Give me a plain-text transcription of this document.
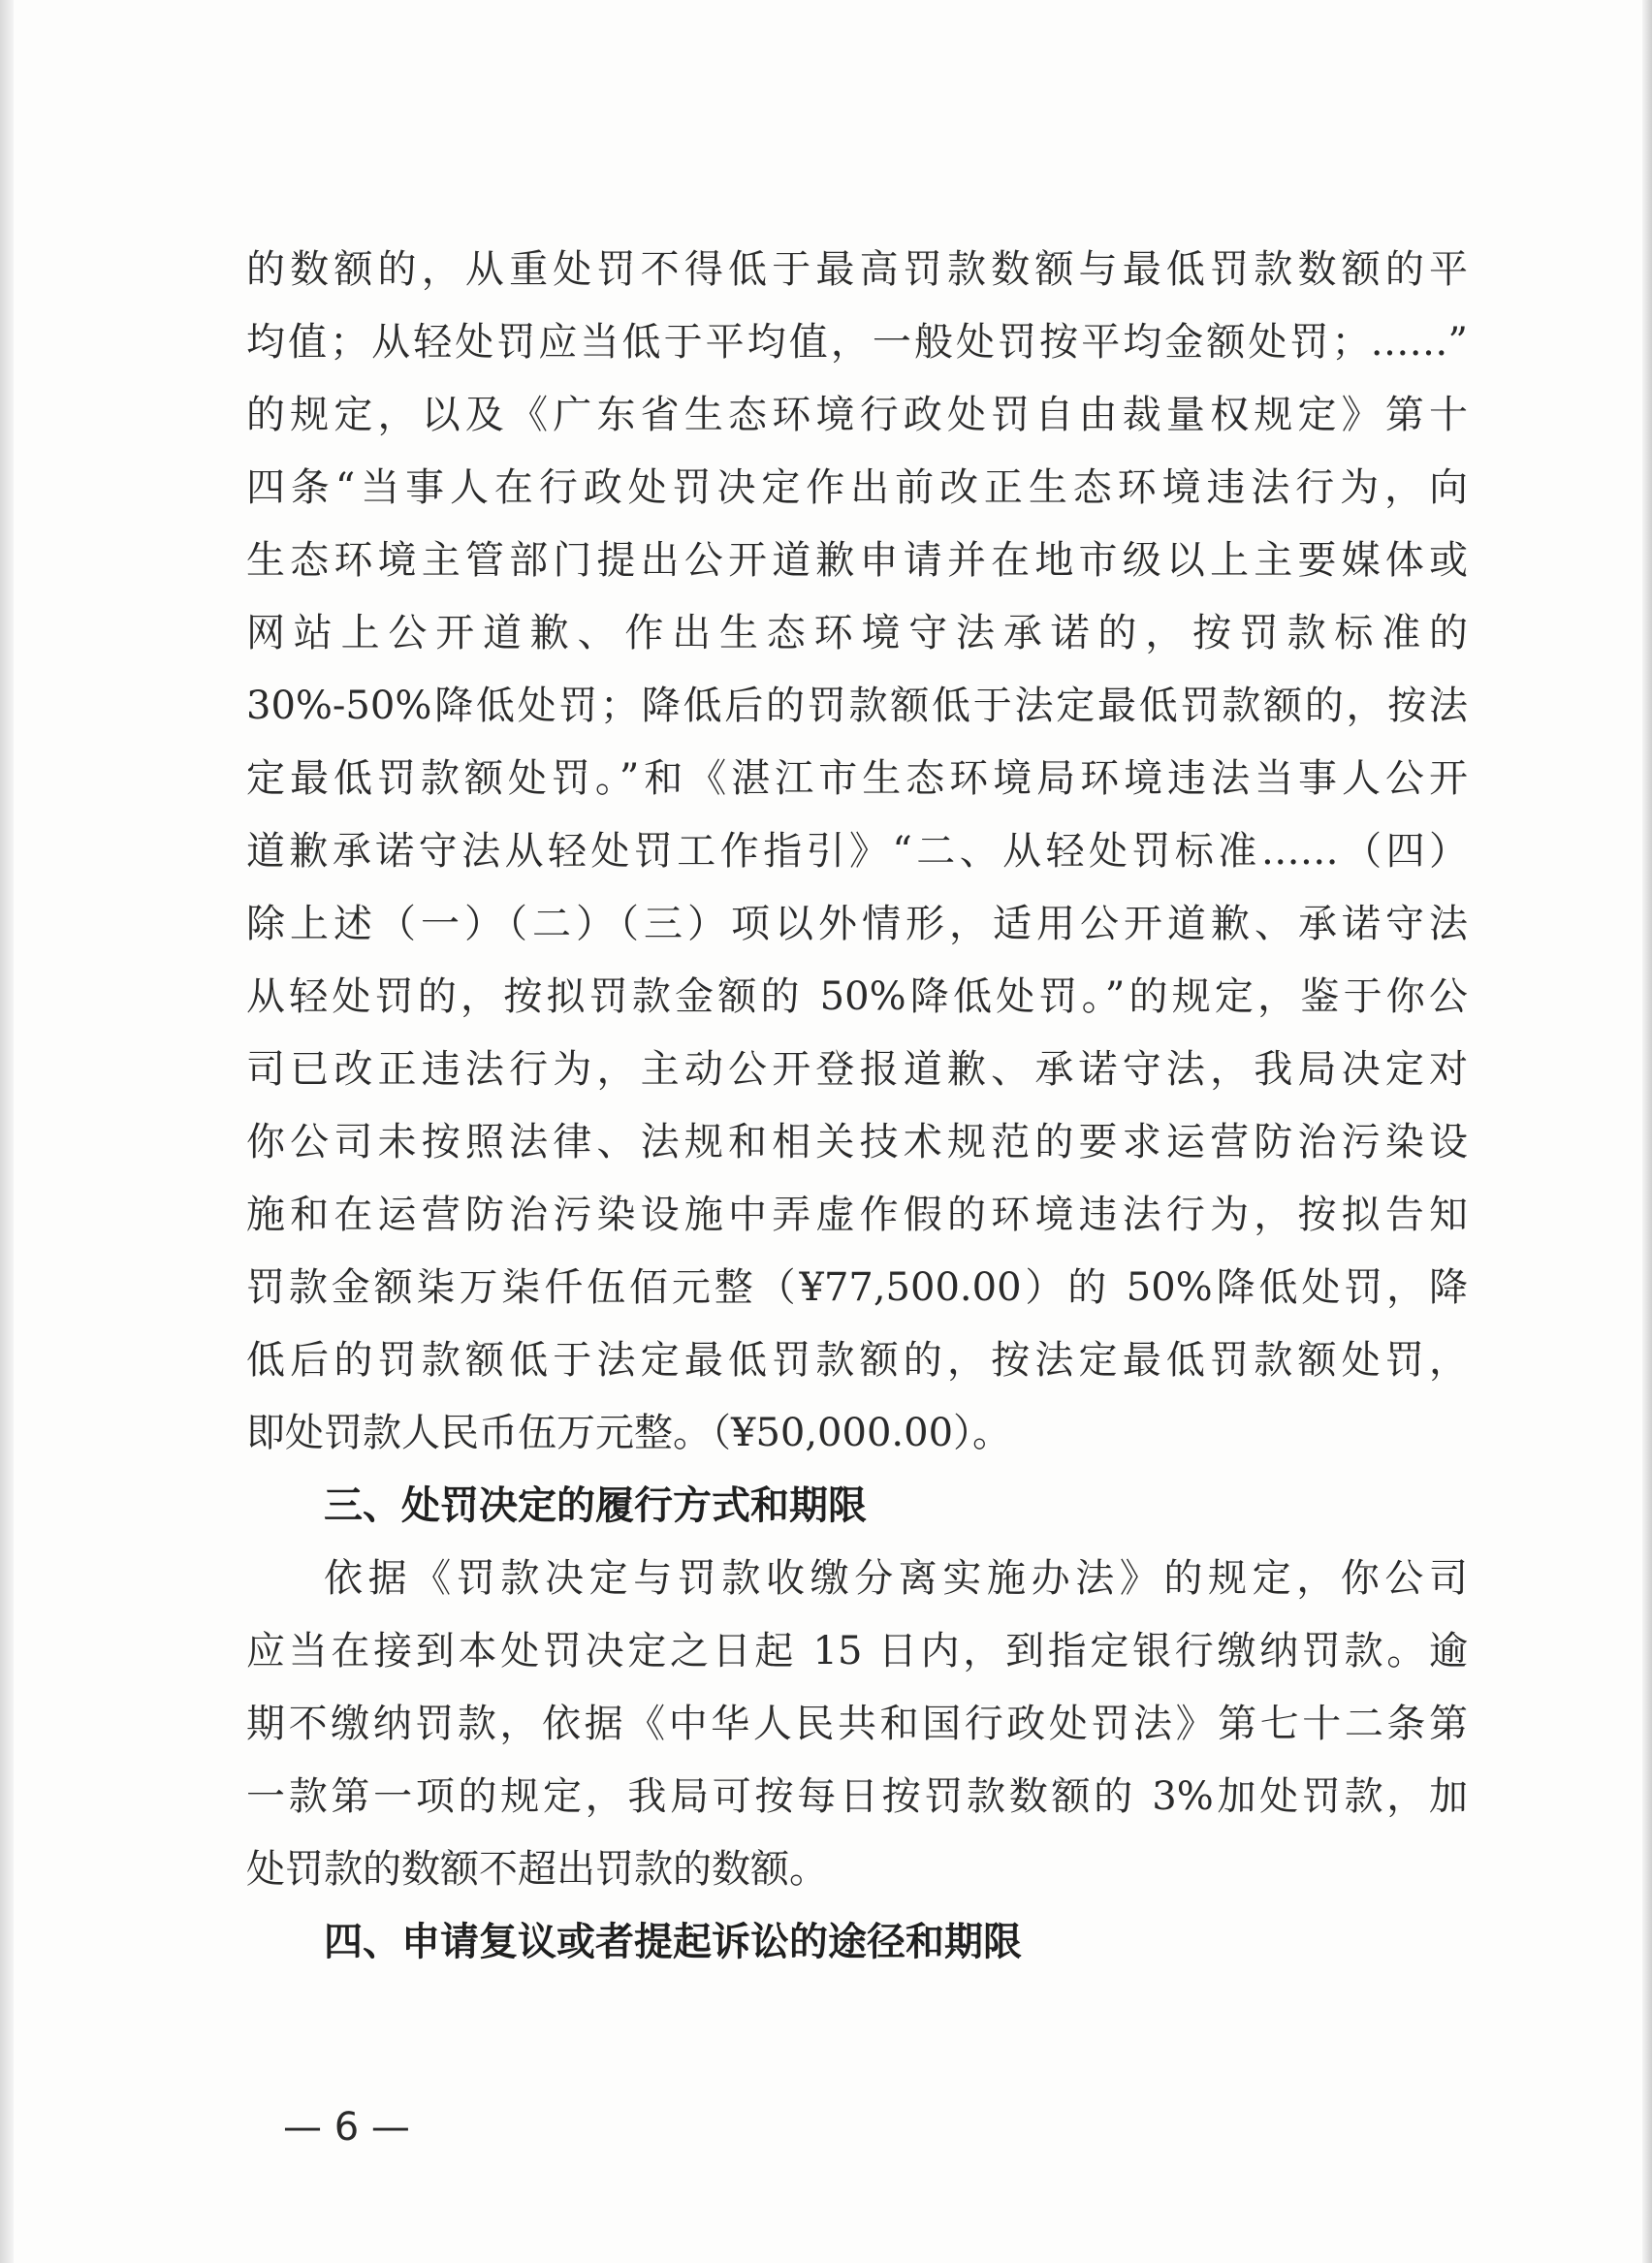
的数额的，从重处罚不得低于最高罚款数额与最低罚款数额的平

均值；从轻处罚应当低于平均值，一般处罚按平均金额处罚；……”

的规定，以及《广东省生态环境行政处罚自由裁量权规定》第十

四条“当事人在行政处罚决定作出前改正生态环境违法行为，向

生态环境主管部门提出公开道歉申请并在地市级以上主要媒体或

网站上公开道歉、作出生态环境守法承诺的，按罚款标准的

30%-50%降低处罚；降低后的罚款额低于法定最低罚款额的，按法

定最低罚款额处罚。”和《湛江市生态环境局环境违法当事人公开

道歉承诺守法从轻处罚工作指引》“二、从轻处罚标准……（四）

除上述（一）（二）（三）项以外情形，适用公开道歉、承诺守法

从轻处罚的，按拟罚款金额的 50%降低处罚。”的规定，鉴于你公

司已改正违法行为，主动公开登报道歉、承诺守法，我局决定对

你公司未按照法律、法规和相关技术规范的要求运营防治污染设

施和在运营防治污染设施中弄虚作假的环境违法行为，按拟告知

罚款金额柒万柒仟伍佰元整（¥77,500.00）的 50%降低处罚，降

低后的罚款额低于法定最低罚款额的，按法定最低罚款额处罚，

即处罚款人民币伍万元整。（¥50,000.00）。

三、处罚决定的履行方式和期限

依据《罚款决定与罚款收缴分离实施办法》的规定，你公司

应当在接到本处罚决定之日起 15 日内，到指定银行缴纳罚款。逾

期不缴纳罚款，依据《中华人民共和国行政处罚法》第七十二条第

一款第一项的规定，我局可按每日按罚款数额的 3%加处罚款，加

处罚款的数额不超出罚款的数额。

四、申请复议或者提起诉讼的途径和期限

— 6 —
